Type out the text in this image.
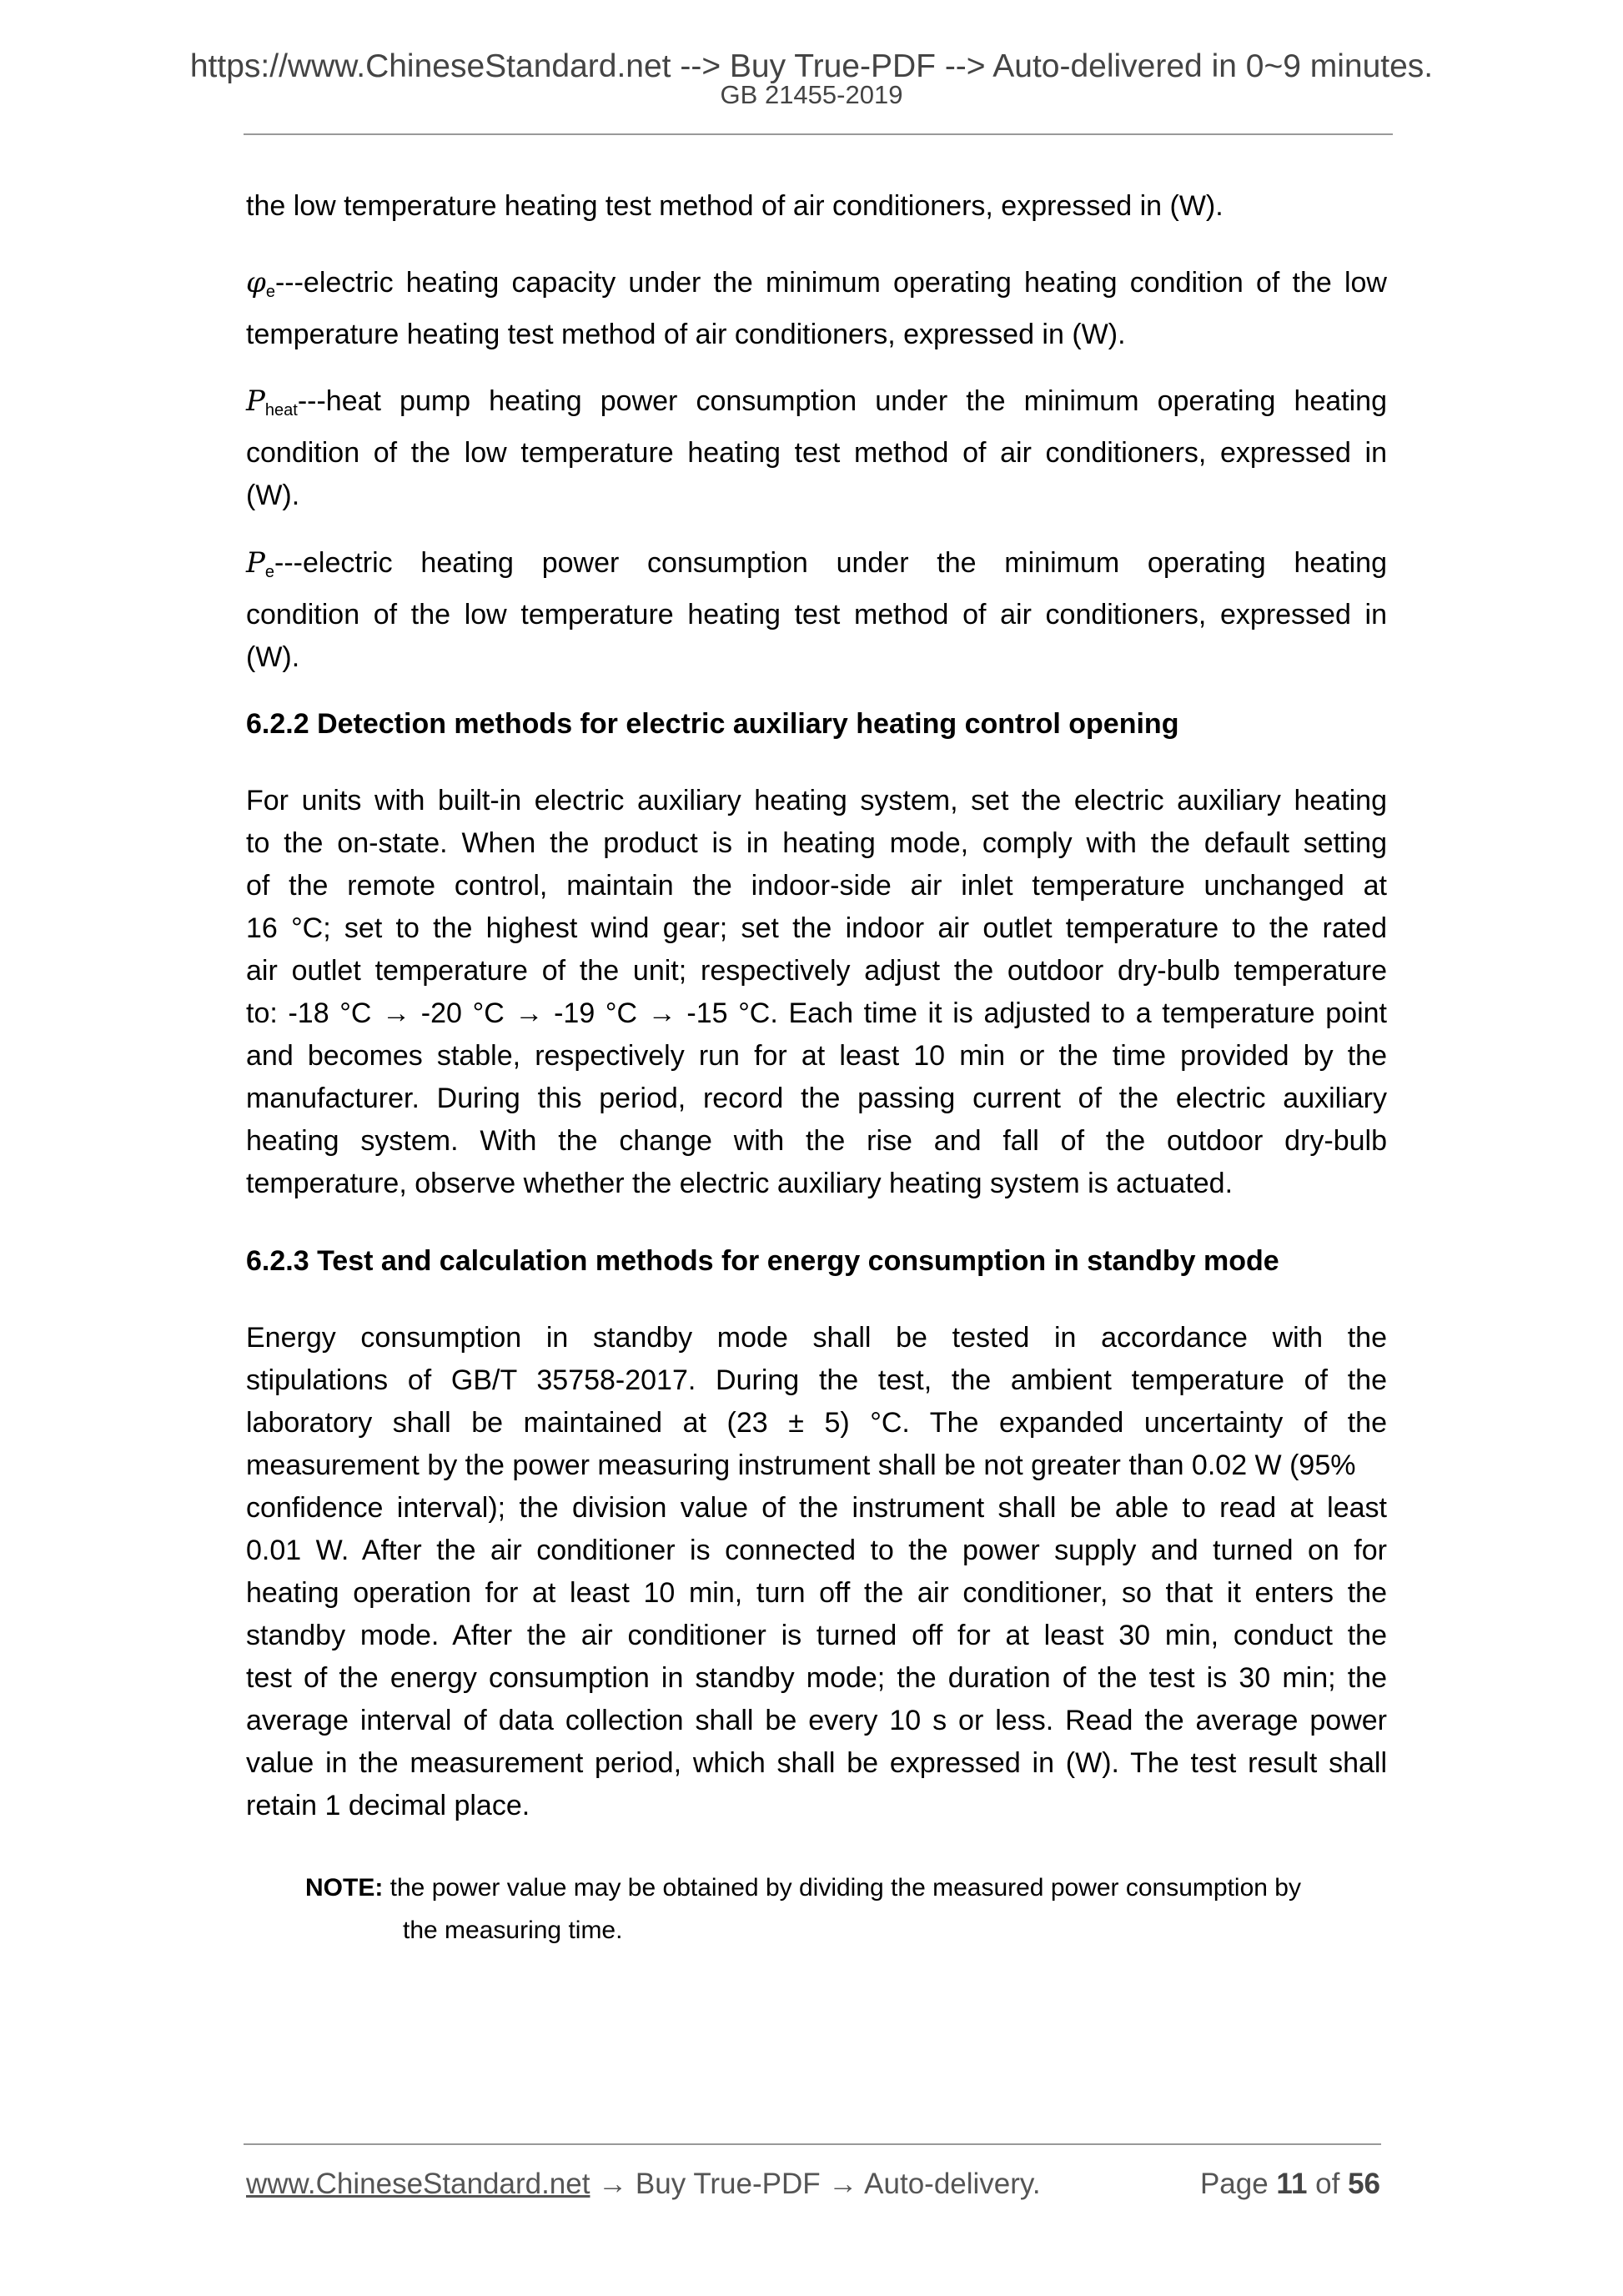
https://www.ChineseStandard.net --> Buy True-PDF --> Auto-delivered in 0~9 minutes.
GB 21455-2019
the low temperature heating test method of air conditioners, expressed in (W).
$\varphi_e--$-electric heating capacity under the minimum operating heating condition of the low
temperature heating test method of air conditioners, expressed in (W).
$P_{heat}--$-heat pump heating power consumption under the minimum operating heating
condition of the low temperature heating test method of air conditioners, expressed in
(W).
$P_e--$-electric heating power consumption under the minimum operating heating
condition of the low temperature heating test method of air conditioners, expressed in
(W).
6.2.2 Detection methods for electric auxiliary heating control opening
For units with built-in electric auxiliary heating system, set the electric auxiliary heating
to the on-state. When the product is in heating mode, comply with the default setting
of the remote control, maintain the indoor-side air inlet temperature unchanged at
16 °C; set to the highest wind gear; set the indoor air outlet temperature to the rated
air outlet temperature of the unit; respectively adjust the outdoor dry-bulb temperature
to: -18 °C → -20 °C → -19 °C → -15 °C. Each time it is adjusted to a temperature point
and becomes stable, respectively run for at least 10 min or the time provided by the
manufacturer. During this period, record the passing current of the electric auxiliary
heating system. With the change with the rise and fall of the outdoor dry-bulb
temperature, observe whether the electric auxiliary heating system is actuated.
6.2.3 Test and calculation methods for energy consumption in standby mode
Energy consumption in standby mode shall be tested in accordance with the
stipulations of GB/T 35758-2017. During the test, the ambient temperature of the
laboratory shall be maintained at (23 ± 5) °C. The expanded uncertainty of the
measurement by the power measuring instrument shall be not greater than 0.02 W (95%
confidence interval); the division value of the instrument shall be able to read at least
0.01 W. After the air conditioner is connected to the power supply and turned on for
heating operation for at least 10 min, turn off the air conditioner, so that it enters the
standby mode. After the air conditioner is turned off for at least 30 min, conduct the
test of the energy consumption in standby mode; the duration of the test is 30 min; the
average interval of data collection shall be every 10 s or less. Read the average power
value in the measurement period, which shall be expressed in (W). The test result shall
retain 1 decimal place.
NOTE: the power value may be obtained by dividing the measured power consumption by
the measuring time.
www.ChineseStandard.net → Buy True-PDF → Auto-delivery.	Page 11 of 56
